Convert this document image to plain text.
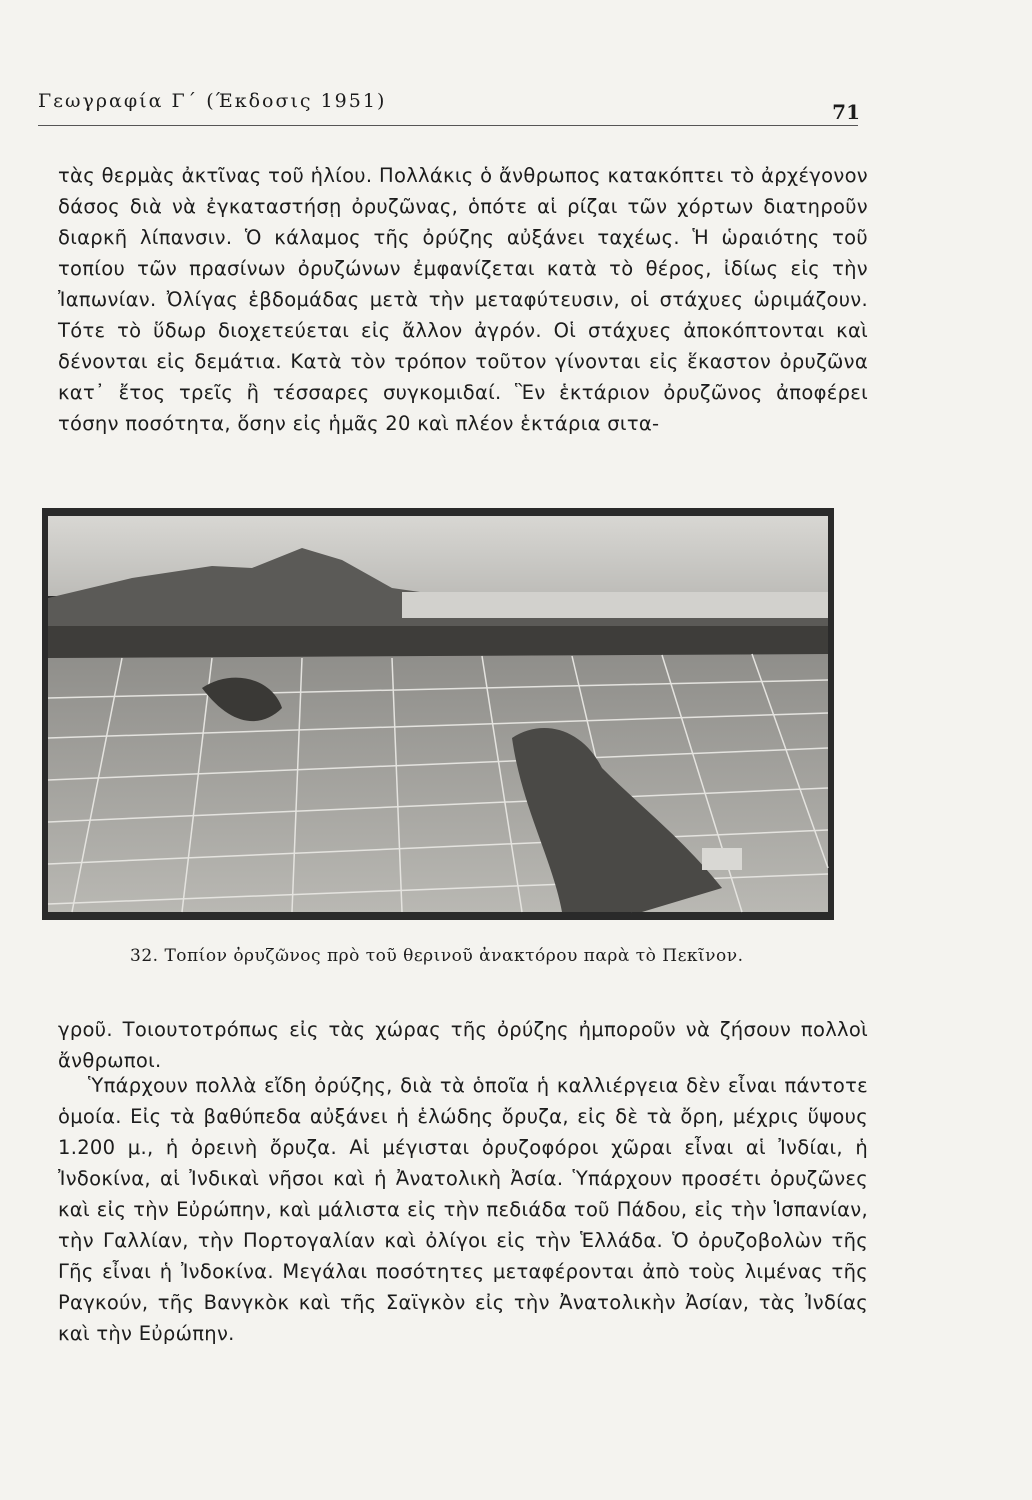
Γεωγραφία Γ΄ (Έκδοσις 1951)	71
τὰς θερμὰς ἀκτῖνας τοῦ ἡλίου. Πολλάκις ὁ ἄνθρωπος κατακόπτει τὸ ἀρχέγονον δάσος διὰ νὰ ἐγκαταστήσῃ ὀρυζῶνας, ὁπότε αἱ ρίζαι τῶν χόρτων διατηροῦν διαρκῆ λίπανσιν. Ὁ κάλαμος τῆς ὀρύζης αὐξάνει ταχέως. Ἡ ὡραιότης τοῦ τοπίου τῶν πρασίνων ὀρυζώνων ἐμφανίζεται κατὰ τὸ θέρος, ἰδίως εἰς τὴν Ἰαπωνίαν. Ὀλίγας ἑβδομάδας μετὰ τὴν μεταφύτευσιν, οἱ στάχυες ὡριμάζουν. Τότε τὸ ὕδωρ διοχετεύεται εἰς ἄλλον ἀγρόν. Οἱ στάχυες ἀποκόπτονται καὶ δένονται εἰς δεμάτια. Κατὰ τὸν τρόπον τοῦτον γίνονται εἰς ἕκαστον ὀρυζῶνα κατ᾽ ἔτος τρεῖς ἢ τέσσαρες συγκομιδαί. Ἓν ἑκτάριον ὀρυζῶνος ἀποφέρει τόσην ποσότητα, ὅσην εἰς ἡμᾶς 20 καὶ πλέον ἑκτάρια σιτα-
32. Τοπίον ὀρυζῶνος πρὸ τοῦ θερινοῦ ἀνακτόρου παρὰ τὸ Πεκῖνον.
γροῦ. Τοιουτοτρόπως εἰς τὰς χώρας τῆς ὀρύζης ἠμποροῦν νὰ ζήσουν πολλοὶ ἄνθρωποι.
Ὑπάρχουν πολλὰ εἴδη ὀρύζης, διὰ τὰ ὁποῖα ἡ καλλιέργεια δὲν εἶναι πάντοτε ὁμοία. Εἰς τὰ βαθύπεδα αὐξάνει ἡ ἑλώδης ὄρυζα, εἰς δὲ τὰ ὄρη, μέχρις ὕψους 1.200 μ., ἡ ὀρεινὴ ὄρυζα. Αἱ μέγισται ὀρυζοφόροι χῶραι εἶναι αἱ Ἰνδίαι, ἡ Ἰνδοκίνα, αἱ Ἰνδικαὶ νῆσοι καὶ ἡ Ἀνατολικὴ Ἀσία. Ὑπάρχουν προσέτι ὀρυζῶνες καὶ εἰς τὴν Εὐρώπην, καὶ μάλιστα εἰς τὴν πεδιάδα τοῦ Πάδου, εἰς τὴν Ἱσπανίαν, τὴν Γαλλίαν, τὴν Πορτογαλίαν καὶ ὀλίγοι εἰς τὴν Ἑλλάδα. Ὁ ὀρυζοβολὼν τῆς Γῆς εἶναι ἡ Ἰνδοκίνα. Μεγάλαι ποσότητες μεταφέρονται ἀπὸ τοὺς λιμένας τῆς Ραγκούν, τῆς Βανγκὸκ καὶ τῆς Σαϊγκὸν εἰς τὴν Ἀνατολικὴν Ἀσίαν, τὰς Ἰνδίας καὶ τὴν Εὐρώπην.
